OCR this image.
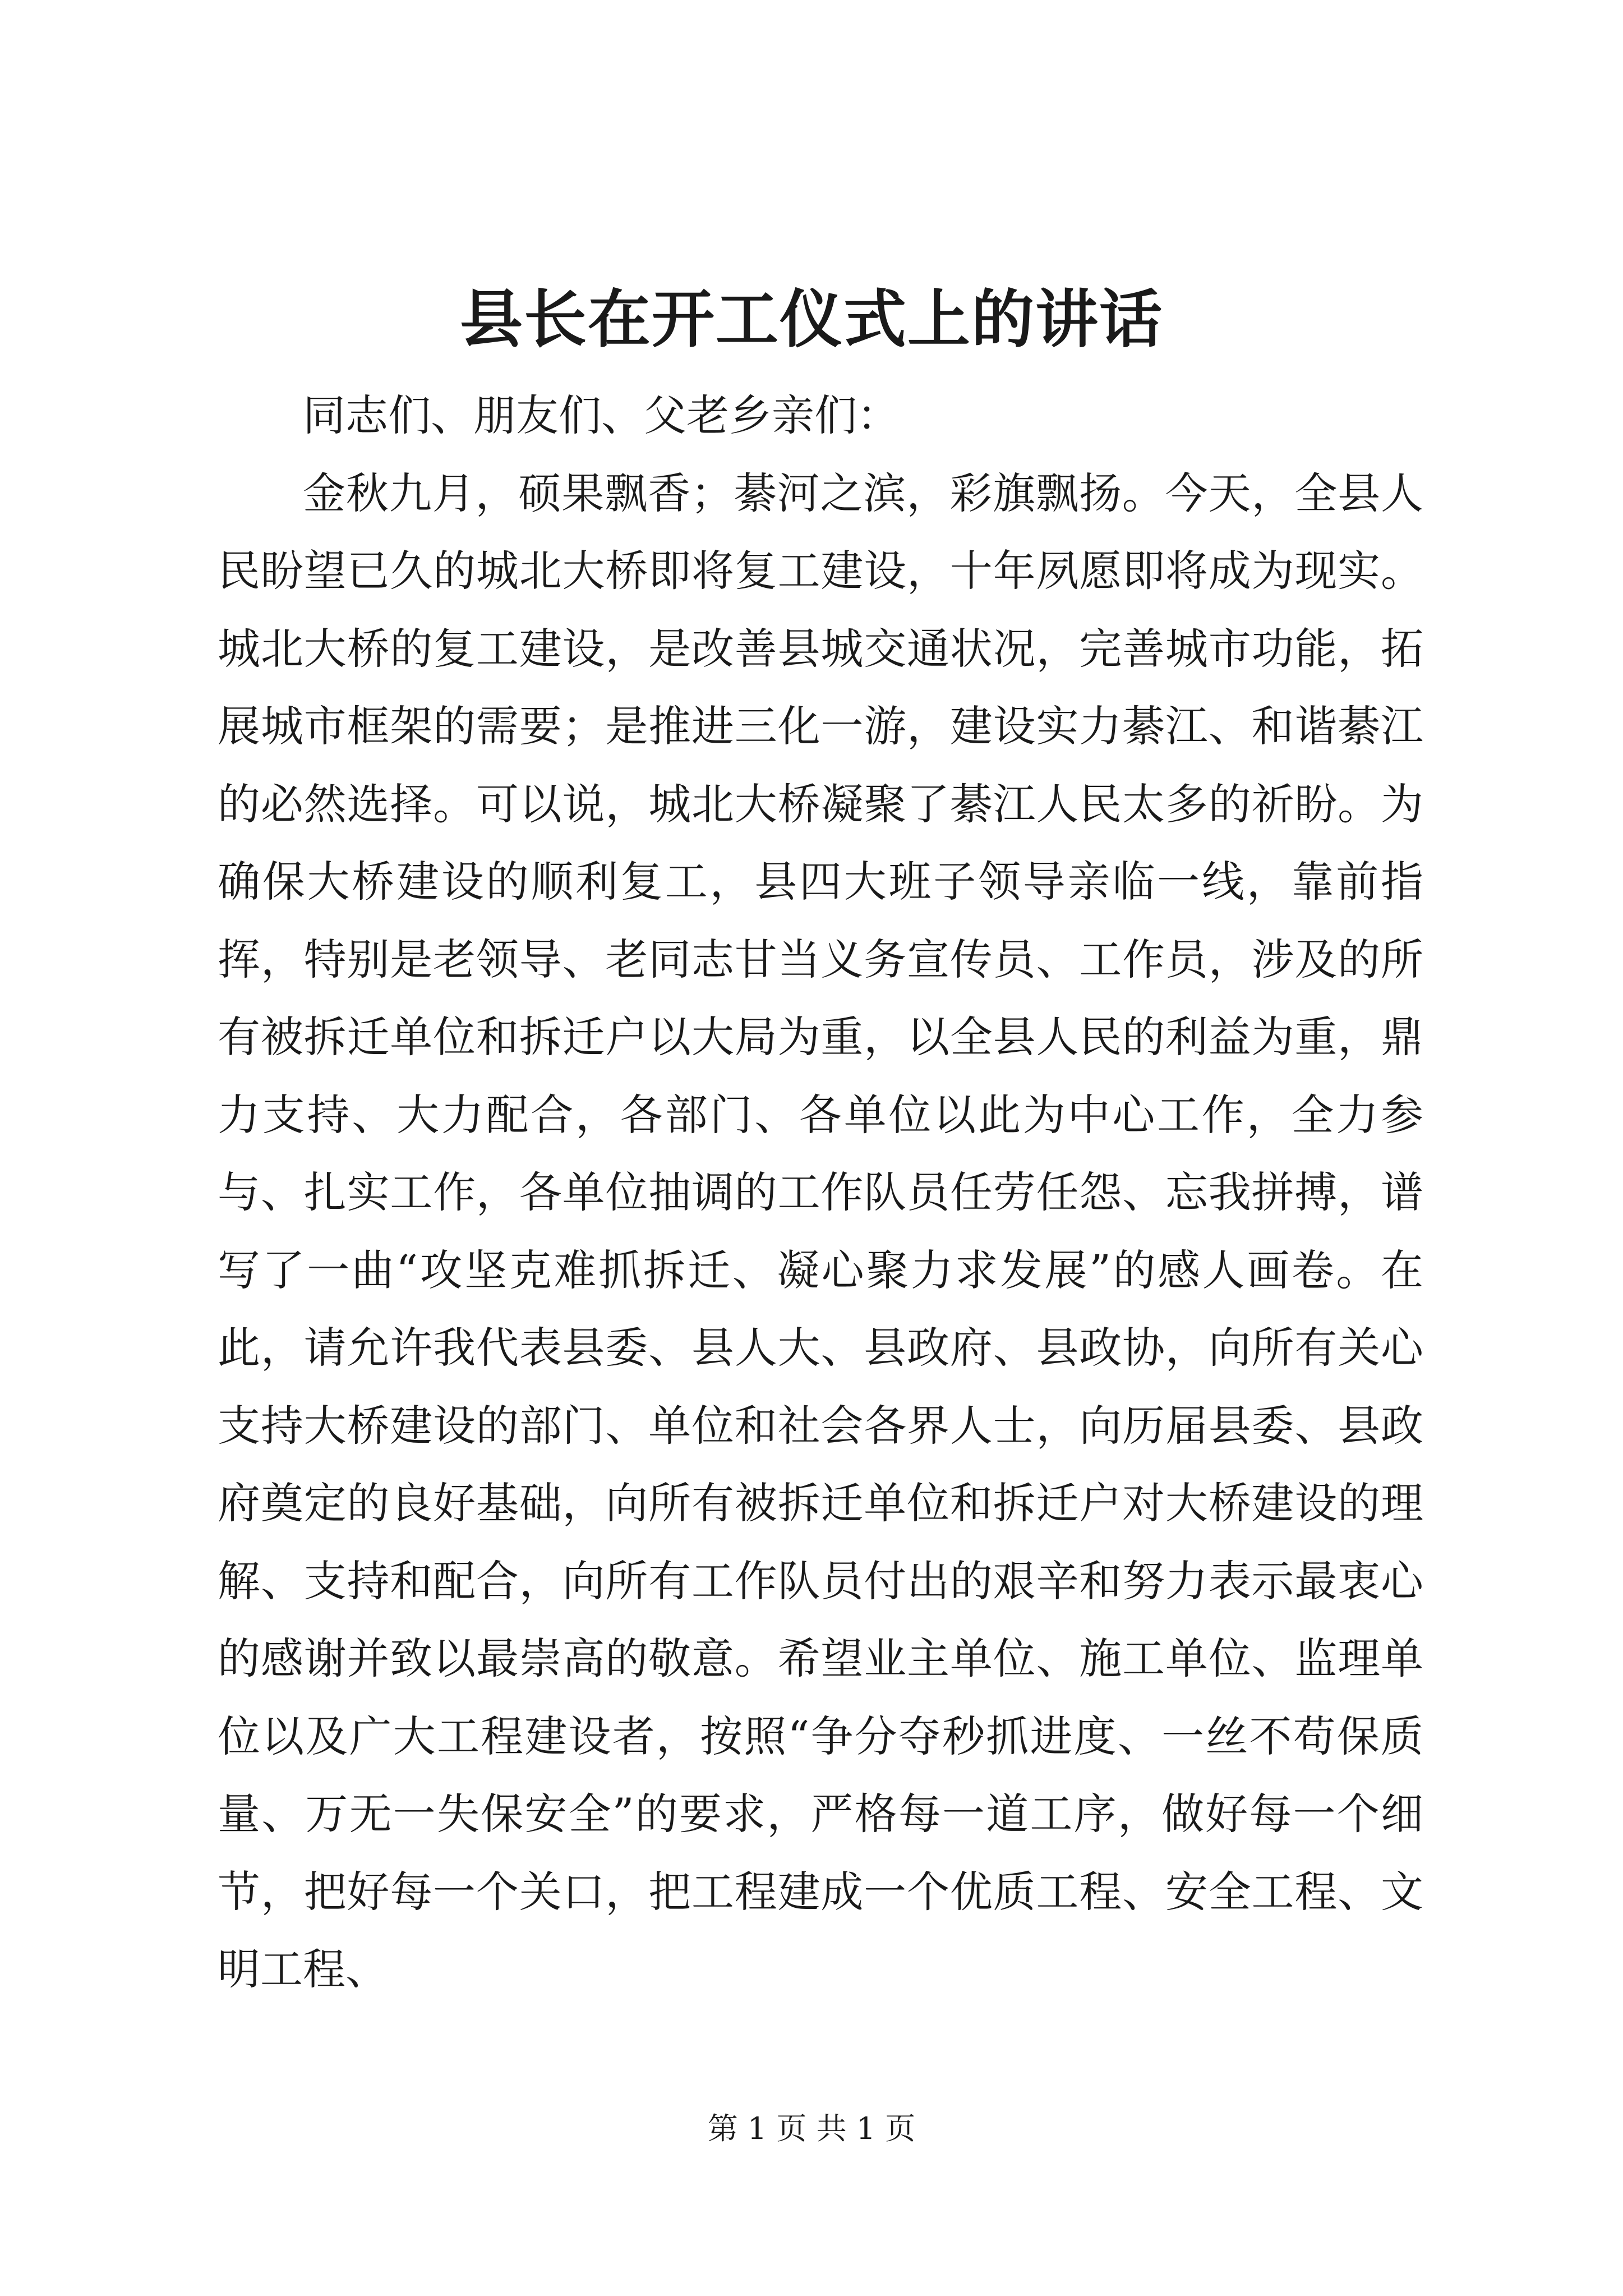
县长在开工仪式上的讲话

同志们、朋友们、父老乡亲们：

金秋九月，硕果飘香；綦河之滨，彩旗飘扬。今天，全县人民盼望已久的城北大桥即将复工建设，十年夙愿即将成为现实。城北大桥的复工建设，是改善县城交通状况，完善城市功能，拓展城市框架的需要；是推进三化一游，建设实力綦江、和谐綦江的必然选择。可以说，城北大桥凝聚了綦江人民太多的祈盼。为确保大桥建设的顺利复工，县四大班子领导亲临一线，靠前指挥，特别是老领导、老同志甘当义务宣传员、工作员，涉及的所有被拆迁单位和拆迁户以大局为重，以全县人民的利益为重，鼎力支持、大力配合，各部门、各单位以此为中心工作，全力参与、扎实工作，各单位抽调的工作队员任劳任怨、忘我拼搏，谱写了一曲“攻坚克难抓拆迁、凝心聚力求发展”的感人画卷。在此，请允许我代表县委、县人大、县政府、县政协，向所有关心支持大桥建设的部门、单位和社会各界人士，向历届县委、县政府奠定的良好基础，向所有被拆迁单位和拆迁户对大桥建设的理解、支持和配合，向所有工作队员付出的艰辛和努力表示最衷心的感谢并致以最崇高的敬意。希望业主单位、施工单位、监理单位以及广大工程建设者，按照“争分夺秒抓进度、一丝不苟保质量、万无一失保安全”的要求，严格每一道工序，做好每一个细节，把好每一个关口，把工程建成一个优质工程、安全工程、文明工程、

第 1 页 共 1 页
